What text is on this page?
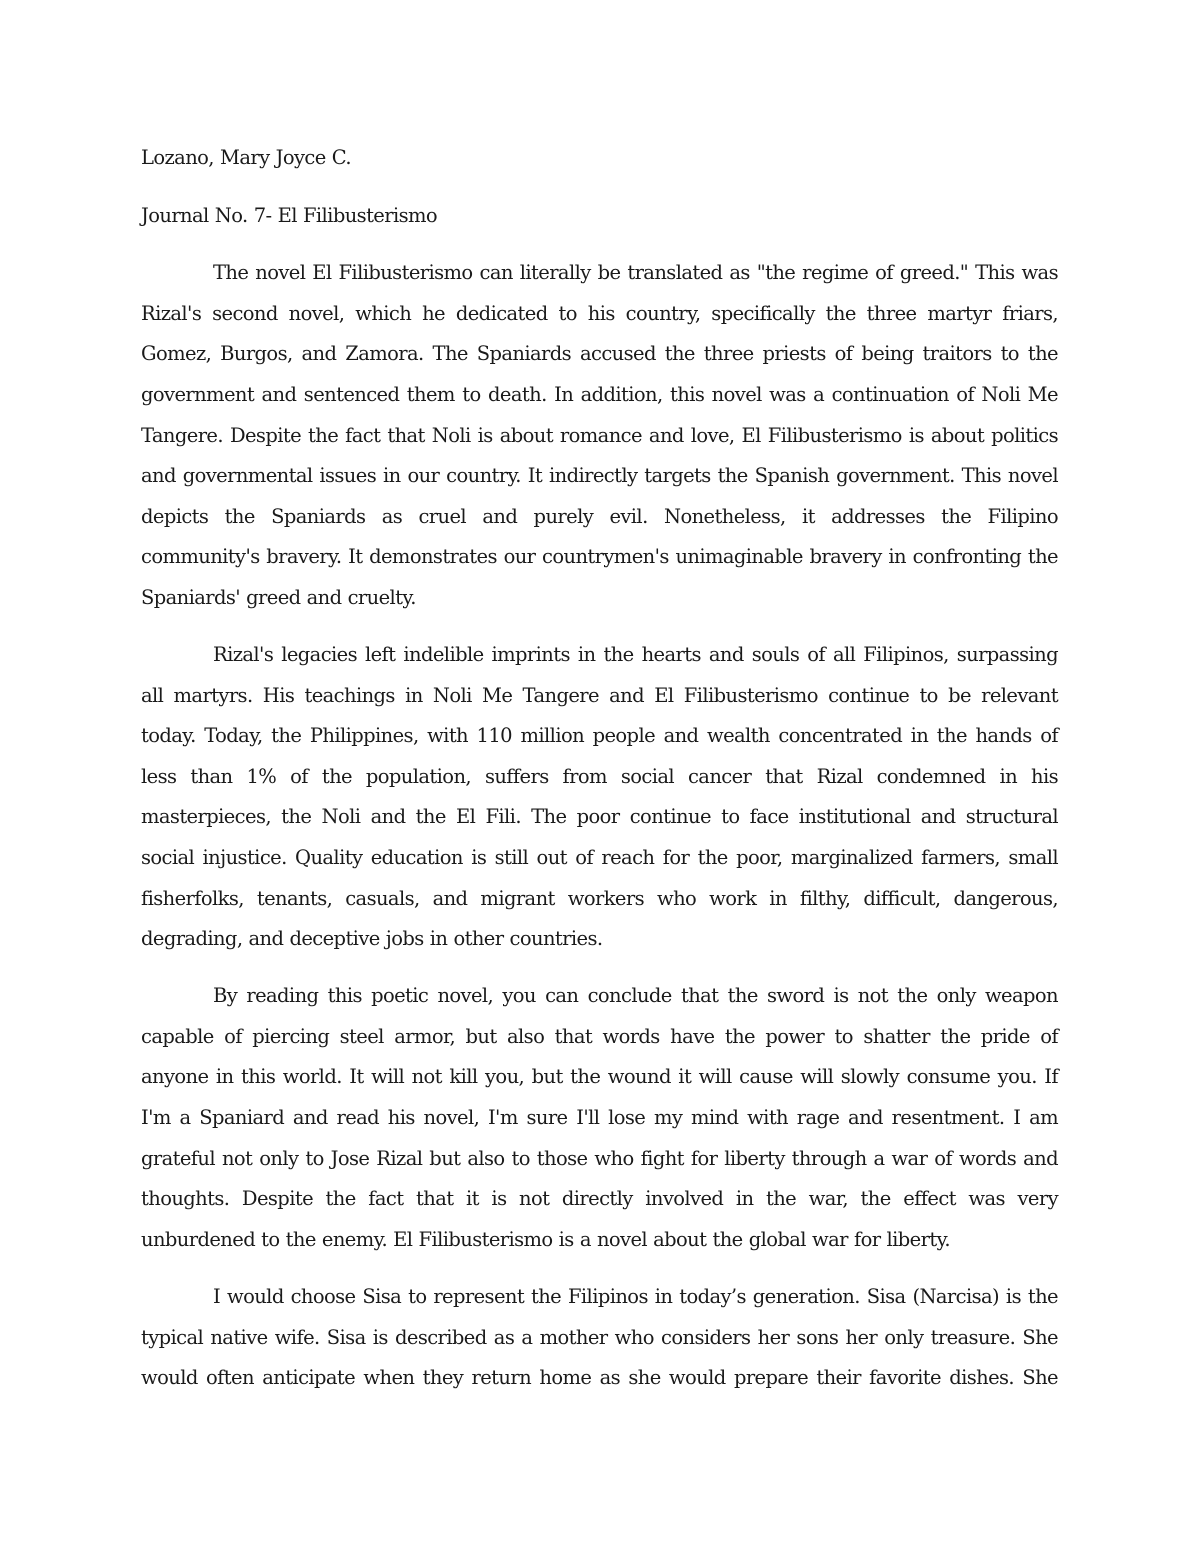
Lozano, Mary Joyce C.

Journal No. 7- El Filibusterismo

The novel El Filibusterismo can literally be translated as "the regime of greed." This was Rizal's second novel, which he dedicated to his country, specifically the three martyr friars, Gomez, Burgos, and Zamora. The Spaniards accused the three priests of being traitors to the government and sentenced them to death. In addition, this novel was a continuation of Noli Me Tangere. Despite the fact that Noli is about romance and love, El Filibusterismo is about politics and governmental issues in our country. It indirectly targets the Spanish government. This novel depicts the Spaniards as cruel and purely evil. Nonetheless, it addresses the Filipino community's bravery. It demonstrates our countrymen's unimaginable bravery in confronting the Spaniards' greed and cruelty.

Rizal's legacies left indelible imprints in the hearts and souls of all Filipinos, surpassing all martyrs. His teachings in Noli Me Tangere and El Filibusterismo continue to be relevant today. Today, the Philippines, with 110 million people and wealth concentrated in the hands of less than 1% of the population, suffers from social cancer that Rizal condemned in his masterpieces, the Noli and the El Fili. The poor continue to face institutional and structural social injustice. Quality education is still out of reach for the poor, marginalized farmers, small fisherfolks, tenants, casuals, and migrant workers who work in filthy, difficult, dangerous, degrading, and deceptive jobs in other countries.

By reading this poetic novel, you can conclude that the sword is not the only weapon capable of piercing steel armor, but also that words have the power to shatter the pride of anyone in this world. It will not kill you, but the wound it will cause will slowly consume you. If I'm a Spaniard and read his novel, I'm sure I'll lose my mind with rage and resentment. I am grateful not only to Jose Rizal but also to those who fight for liberty through a war of words and thoughts. Despite the fact that it is not directly involved in the war, the effect was very unburdened to the enemy. El Filibusterismo is a novel about the global war for liberty.

I would choose Sisa to represent the Filipinos in today’s generation. Sisa (Narcisa) is the typical native wife. Sisa is described as a mother who considers her sons her only treasure. She would often anticipate when they return home as she would prepare their favorite dishes. She
